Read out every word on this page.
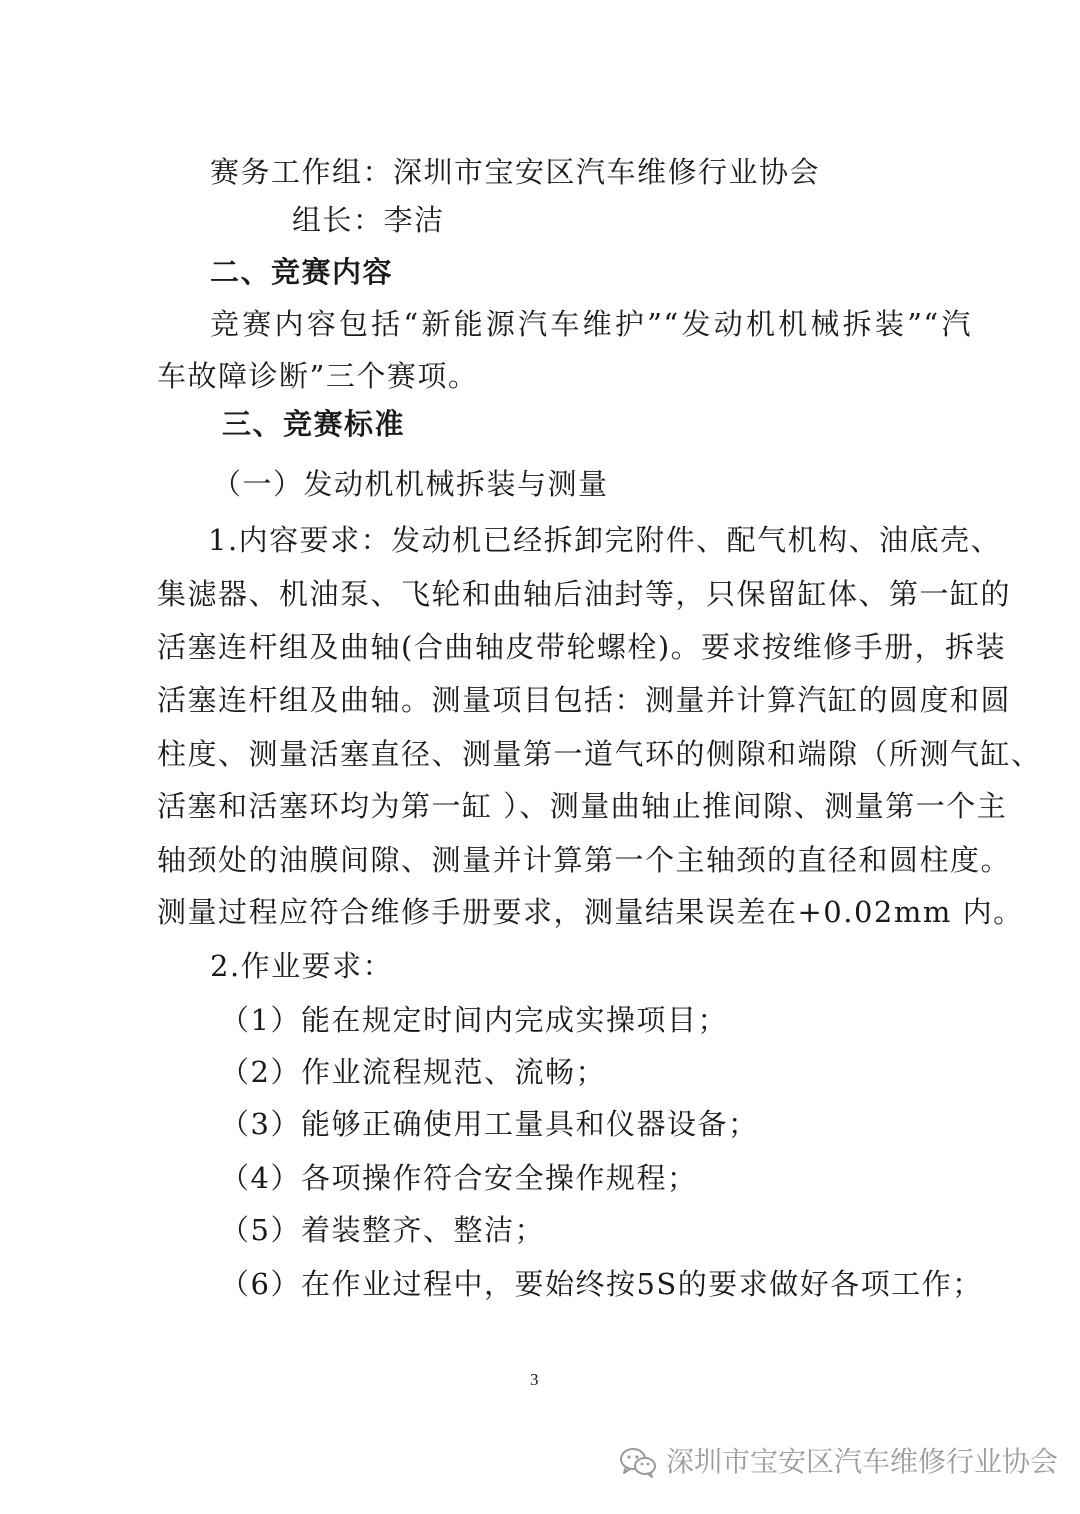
赛务工作组：深圳市宝安区汽车维修行业协会
组长：李洁
二、竞赛内容
竞赛内容包括“新能源汽车维护”“发动机机械拆装”“汽
车故障诊断”三个赛项。
三、竞赛标准
（一）发动机机械拆装与测量
1.内容要求：发动机已经拆卸完附件、配气机构、油底壳、
集滤器、机油泵、飞轮和曲轴后油封等，只保留缸体、第一缸的
活塞连杆组及曲轴(合曲轴皮带轮螺栓)。要求按维修手册，拆装
活塞连杆组及曲轴。测量项目包括：测量并计算汽缸的圆度和圆
柱度、测量活塞直径、测量第一道气环的侧隙和端隙（所测气缸、
活塞和活塞环均为第一缸 ）、测量曲轴止推间隙、测量第一个主
轴颈处的油膜间隙、测量并计算第一个主轴颈的直径和圆柱度。
测量过程应符合维修手册要求，测量结果误差在+0.02mm 内。
2.作业要求：
（1）能在规定时间内完成实操项目；
（2）作业流程规范、流畅；
（3）能够正确使用工量具和仪器设备；
（4）各项操作符合安全操作规程；
（5）着装整齐、整洁；
（6）在作业过程中，要始终按5S的要求做好各项工作；
3
深圳市宝安区汽车维修行业协会
